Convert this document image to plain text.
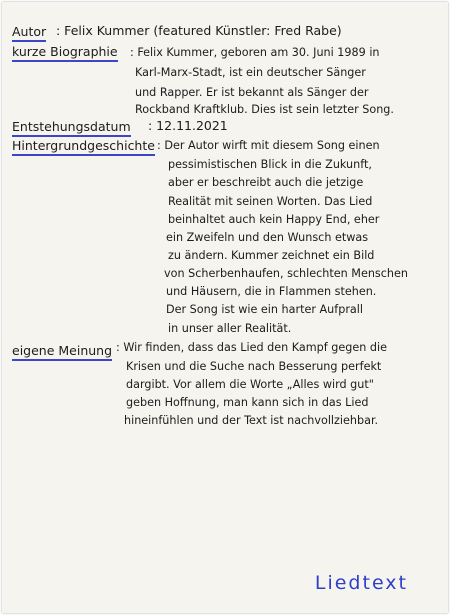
Autor : Felix Kummer (featured Künstler: Fred Rabe)
kurze Biographie : Felix Kummer, geboren am 30. Juni 1989 in
Karl-Marx-Stadt, ist ein deutscher Sänger
und Rapper. Er ist bekannt als Sänger der
Rockband Kraftklub. Dies ist sein letzter Song.
Entstehungsdatum : 12.11.2021
Hintergrundgeschichte : Der Autor wirft mit diesem Song einen
pessimistischen Blick in die Zukunft,
aber er beschreibt auch die jetzige
Realität mit seinen Worten. Das Lied
beinhaltet auch kein Happy End, eher
ein Zweifeln und den Wunsch etwas
zu ändern. Kummer zeichnet ein Bild
von Scherbenhaufen, schlechten Menschen
und Häusern, die in Flammen stehen.
Der Song ist wie ein harter Aufprall
in unser aller Realität.
eigene Meinung : Wir finden, dass das Lied den Kampf gegen die
Krisen und die Suche nach Besserung perfekt
dargibt. Vor allem die Worte „Alles wird gut"
geben Hoffnung, man kann sich in das Lied
hineinfühlen und der Text ist nachvollziehbar.
Liedtext
